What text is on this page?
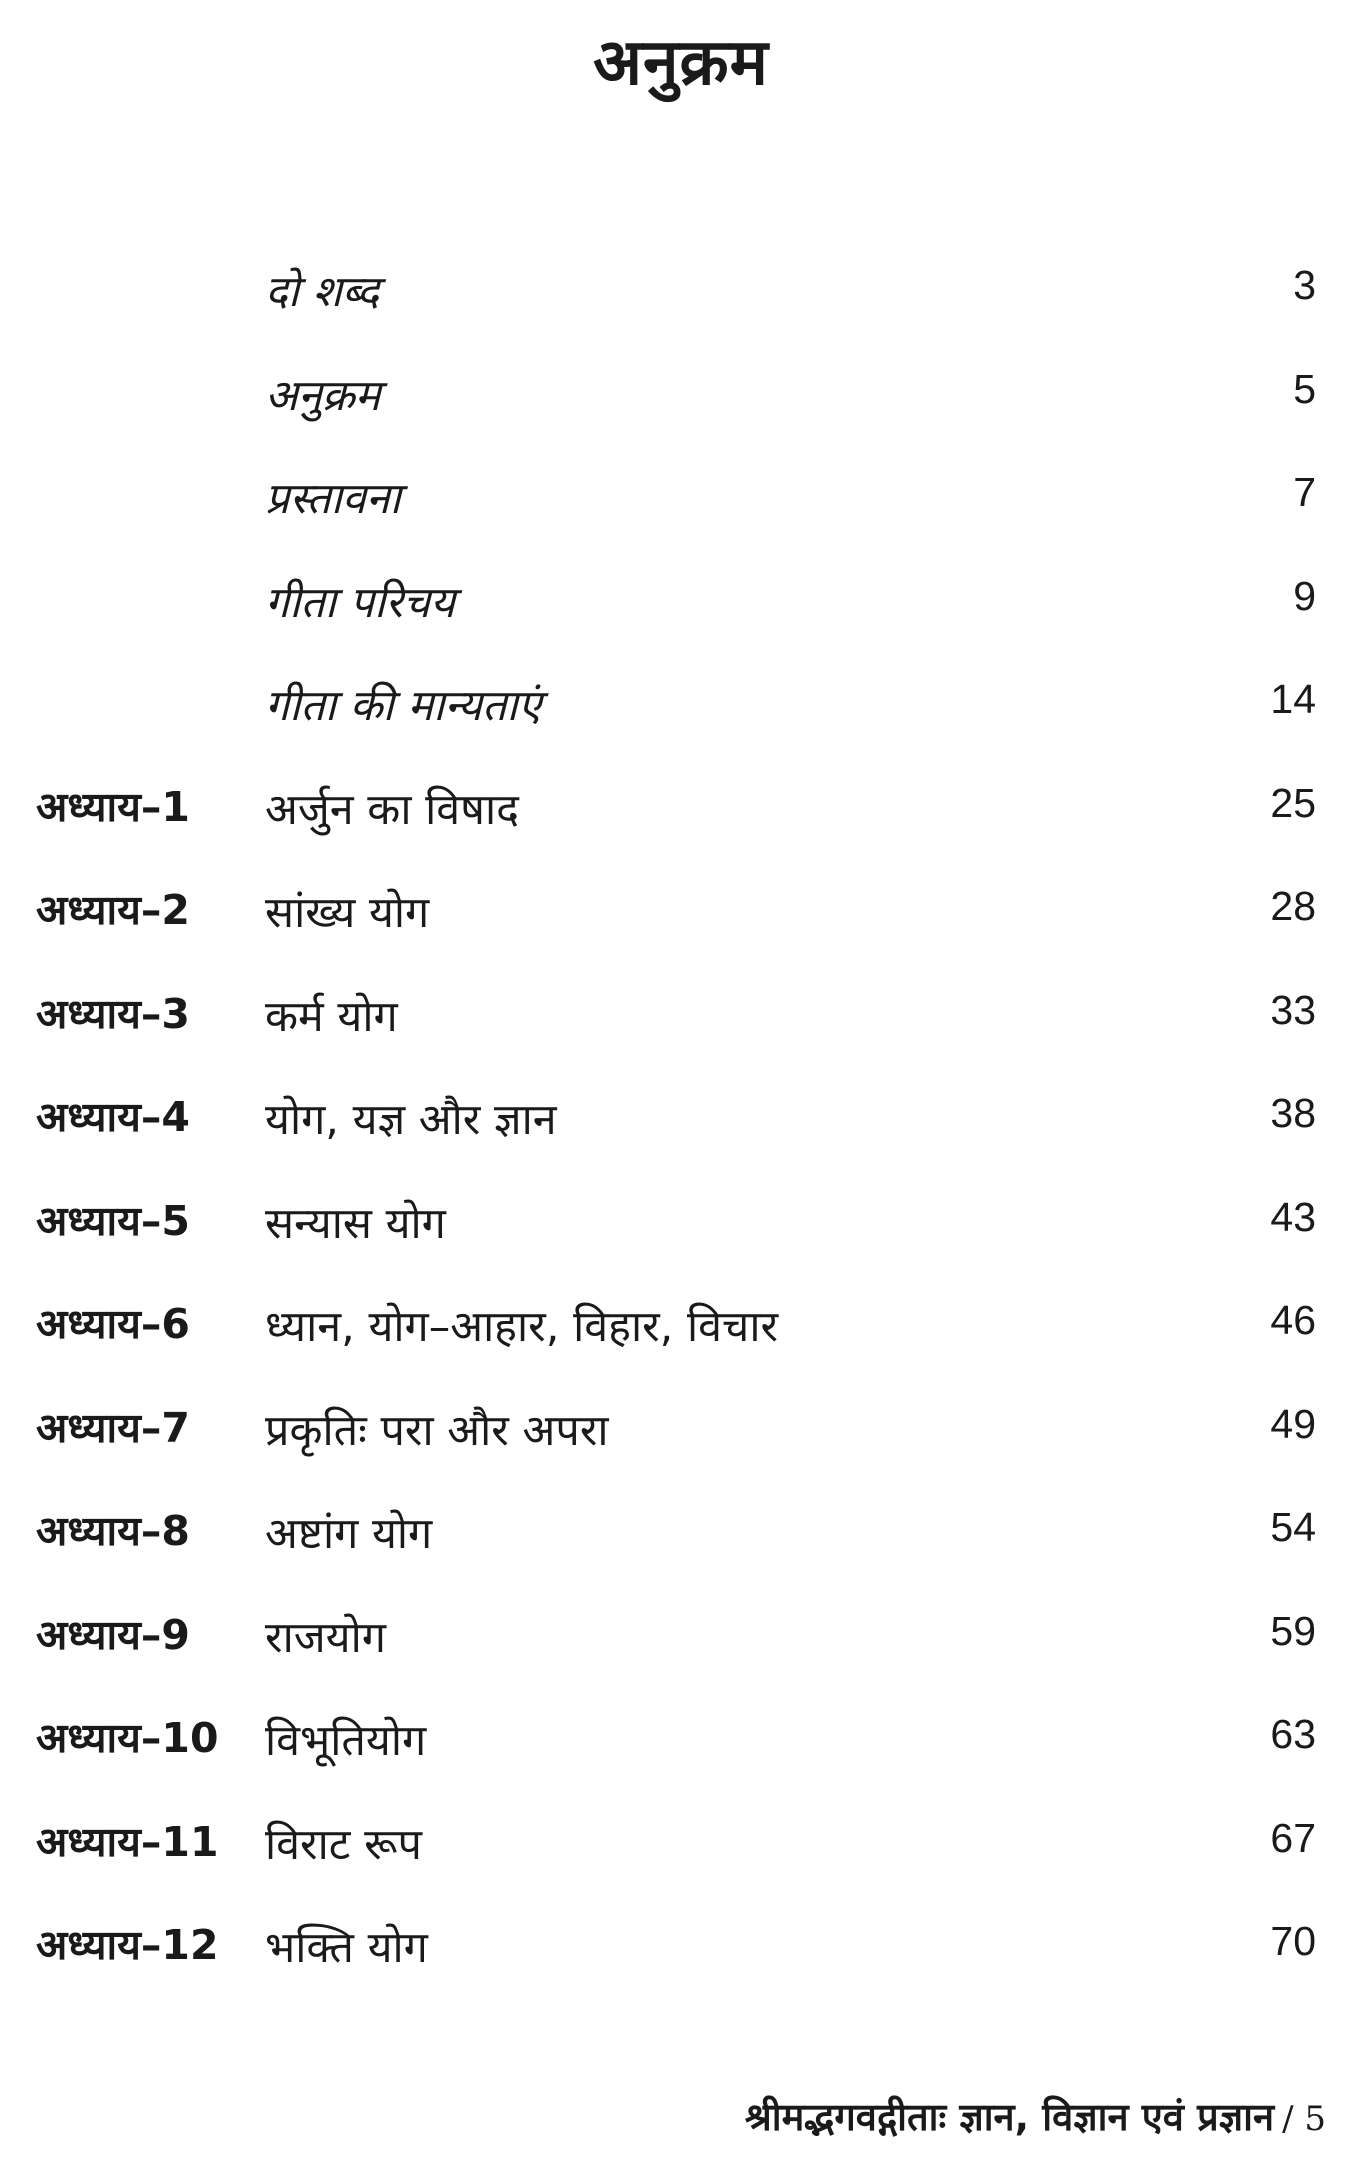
अनुक्रम
दो शब्द	3
अनुक्रम	5
प्रस्तावना	7
गीता परिचय	9
गीता की मान्यताएं	14
अध्याय–1 अर्जुन का विषाद	25
अध्याय–2 सांख्य योग	28
अध्याय–3 कर्म योग	33
अध्याय–4 योग, यज्ञ और ज्ञान	38
अध्याय–5 सन्यास योग	43
अध्याय–6 ध्यान, योग–आहार, विहार, विचार	46
अध्याय–7 प्रकृतिः परा और अपरा	49
अध्याय–8 अष्टांग योग	54
अध्याय–9 राजयोग	59
अध्याय–10 विभूतियोग	63
अध्याय–11 विराट रूप	67
अध्याय–12 भक्ति योग	70
श्रीमद्भगवद्गीताः ज्ञान, विज्ञान एवं प्रज्ञान / 5
